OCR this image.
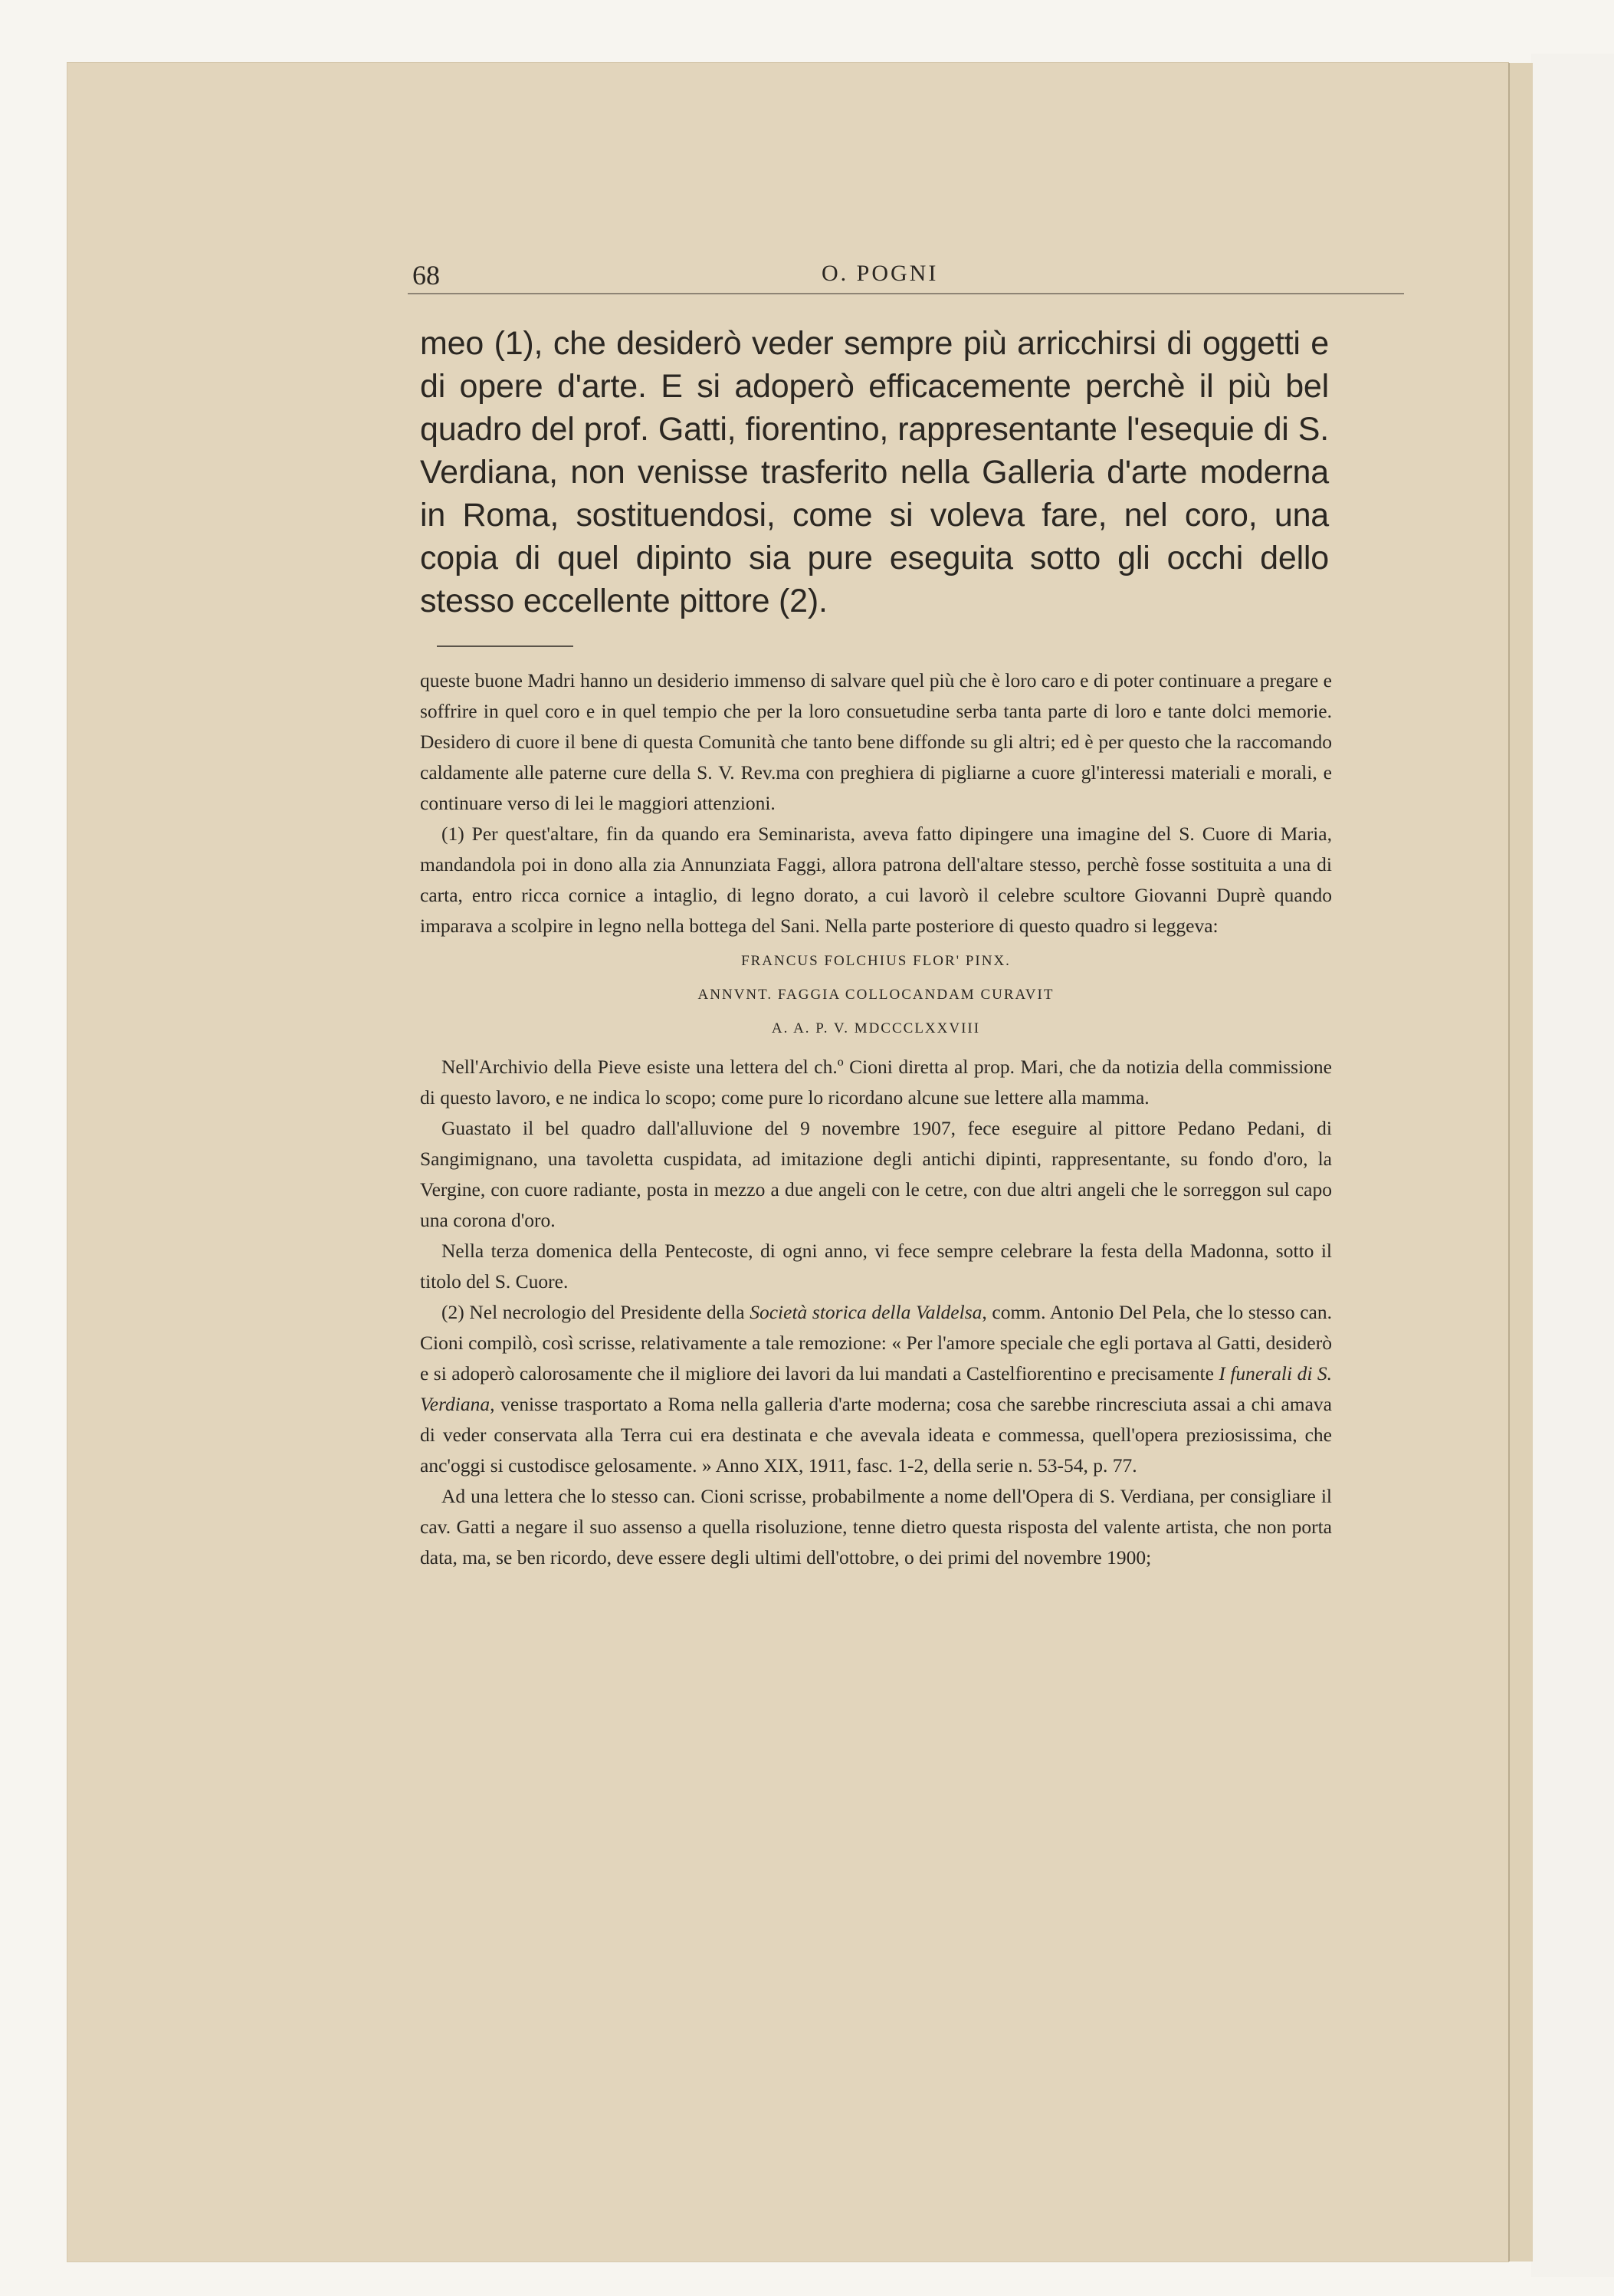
68	O. POGNI

meo (1), che desiderò veder sempre più arricchirsi di oggetti e di opere d'arte. E si adoperò efficacemente perchè il più bel quadro del prof. Gatti, fiorentino, rappresentante l'esequie di S. Verdiana, non venisse trasferito nella Galleria d'arte moderna in Roma, sostituendosi, come si voleva fare, nel coro, una copia di quel dipinto sia pure eseguita sotto gli occhi dello stesso eccellente pittore (2).

queste buone Madri hanno un desiderio immenso di salvare quel più che è loro caro e di poter continuare a pregare e soffrire in quel coro e in quel tempio che per la loro consuetudine serba tanta parte di loro e tante dolci memorie. Desidero di cuore il bene di questa Comunità che tanto bene diffonde su gli altri; ed è per questo che la raccomando caldamente alle paterne cure della S. V. Rev.ma con preghiera di pigliarne a cuore gl'interessi materiali e morali, e continuare verso di lei le maggiori attenzioni.

(1) Per quest'altare, fin da quando era Seminarista, aveva fatto dipingere una imagine del S. Cuore di Maria, mandandola poi in dono alla zia Annunziata Faggi, allora patrona dell'altare stesso, perchè fosse sostituita a una di carta, entro ricca cornice a intaglio, di legno dorato, a cui lavorò il celebre scultore Giovanni Duprè quando imparava a scolpire in legno nella bottega del Sani. Nella parte posteriore di questo quadro si leggeva:

FRANCUS FOLCHIUS FLOR' PINX.
ANNVNT. FAGGIA COLLOCANDAM CURAVIT
A. A. P. V. MDCCCLXXVIII

Nell'Archivio della Pieve esiste una lettera del ch.º Cioni diretta al prop. Mari, che da notizia della commissione di questo lavoro, e ne indica lo scopo; come pure lo ricordano alcune sue lettere alla mamma.

Guastato il bel quadro dall'alluvione del 9 novembre 1907, fece eseguire al pittore Pedano Pedani, di Sangimignano, una tavoletta cuspidata, ad imitazione degli antichi dipinti, rappresentante, su fondo d'oro, la Vergine, con cuore radiante, posta in mezzo a due angeli con le cetre, con due altri angeli che le sorreggon sul capo una corona d'oro.

Nella terza domenica della Pentecoste, di ogni anno, vi fece sempre celebrare la festa della Madonna, sotto il titolo del S. Cuore.

(2) Nel necrologio del Presidente della Società storica della Valdelsa, comm. Antonio Del Pela, che lo stesso can. Cioni compilò, così scrisse, relativamente a tale remozione: « Per l'amore speciale che egli portava al Gatti, desiderò e si adoperò calorosamente che il migliore dei lavori da lui mandati a Castelfiorentino e precisamente I funerali di S. Verdiana, venisse trasportato a Roma nella galleria d'arte moderna; cosa che sarebbe rincresciuta assai a chi amava di veder conservata alla Terra cui era destinata e che avevala ideata e commessa, quell'opera preziosissima, che anc'oggi si custodisce gelosamente. » Anno XIX, 1911, fasc. 1-2, della serie n. 53-54, p. 77.

Ad una lettera che lo stesso can. Cioni scrisse, probabilmente a nome dell'Opera di S. Verdiana, per consigliare il cav. Gatti a negare il suo assenso a quella risoluzione, tenne dietro questa risposta del valente artista, che non porta data, ma, se ben ricordo, deve essere degli ultimi dell'ottobre, o dei primi del novembre 1900;
